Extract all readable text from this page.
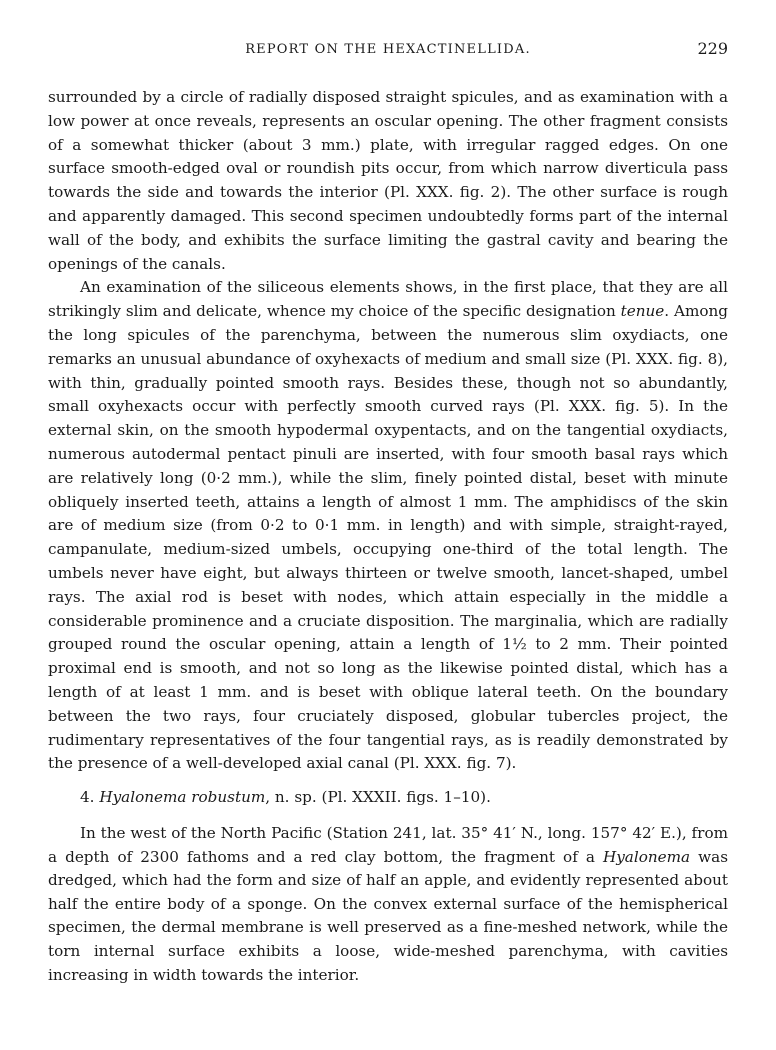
REPORT ON THE HEXACTINELLIDA.	229

surrounded by a circle of radially disposed straight spicules, and as examination with a low power at once reveals, represents an oscular opening. The other fragment consists of a somewhat thicker (about 3 mm.) plate, with irregular ragged edges. On one surface smooth-edged oval or roundish pits occur, from which narrow diverticula pass towards the side and towards the interior (Pl. XXX. fig. 2). The other surface is rough and apparently damaged. This second specimen undoubtedly forms part of the internal wall of the body, and exhibits the surface limiting the gastral cavity and bearing the openings of the canals.

An examination of the siliceous elements shows, in the first place, that they are all strikingly slim and delicate, whence my choice of the specific designation tenue. Among the long spicules of the parenchyma, between the numerous slim oxydiacts, one remarks an unusual abundance of oxyhexacts of medium and small size (Pl. XXX. fig. 8), with thin, gradually pointed smooth rays. Besides these, though not so abundantly, small oxyhexacts occur with perfectly smooth curved rays (Pl. XXX. fig. 5). In the external skin, on the smooth hypodermal oxypentacts, and on the tangential oxydiacts, numerous autodermal pentact pinuli are inserted, with four smooth basal rays which are relatively long (0·2 mm.), while the slim, finely pointed distal, beset with minute obliquely inserted teeth, attains a length of almost 1 mm. The amphidiscs of the skin are of medium size (from 0·2 to 0·1 mm. in length) and with simple, straight-rayed, campanulate, medium-sized umbels, occupying one-third of the total length. The umbels never have eight, but always thirteen or twelve smooth, lancet-shaped, umbel rays. The axial rod is beset with nodes, which attain especially in the middle a considerable prominence and a cruciate disposition. The marginalia, which are radially grouped round the oscular opening, attain a length of 1½ to 2 mm. Their pointed proximal end is smooth, and not so long as the likewise pointed distal, which has a length of at least 1 mm. and is beset with oblique lateral teeth. On the boundary between the two rays, four cruciately disposed, globular tubercles project, the rudimentary representatives of the four tangential rays, as is readily demonstrated by the presence of a well-developed axial canal (Pl. XXX. fig. 7).

4. Hyalonema robustum, n. sp. (Pl. XXXII. figs. 1–10).

In the west of the North Pacific (Station 241, lat. 35° 41′ N., long. 157° 42′ E.), from a depth of 2300 fathoms and a red clay bottom, the fragment of a Hyalonema was dredged, which had the form and size of half an apple, and evidently represented about half the entire body of a sponge. On the convex external surface of the hemispherical specimen, the dermal membrane is well preserved as a fine-meshed network, while the torn internal surface exhibits a loose, wide-meshed parenchyma, with cavities increasing in width towards the interior.
